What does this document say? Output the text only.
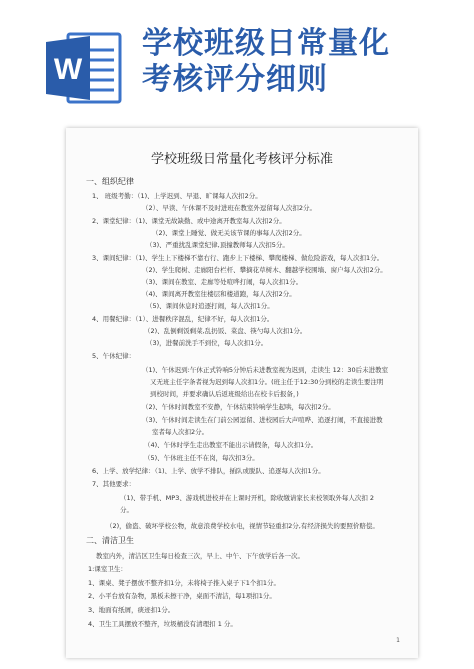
W
学校班级日常量化
考核评分细则
学校班级日常量化考核评分标准
一、组织纪律
1、 班级考勤：（1)、上学迟到、早退、旷课每人次扣2分。
（2）、早读、午休课不及时进班在教室外逗留每人次扣2分。
2、课堂纪律：（1)、课堂无故缺勤、或中途离开教室每人次扣2分。
（2)、课堂上睡觉、做无关该节课的事每人次扣2分。
（3)、严重扰乱课堂纪律,顶撞教师每人次扣5分。
3、课间纪律：（1)、学生上下楼梯不靠右行、跑步上下楼梯、攀爬楼梯、做危险游戏，每人次扣1分。
（2)、学生爬树、走廊阳台栏杆、攀摘花草树木、翻越学校围墙、窗户每人次扣2分。
（3)、课间在教室、走廊等处喧哗打闹，每人次扣1分。
（4)、课间离开教室往楼层和楼道跑，每人次扣2分。
（5)、课间休息时追逐打闹，每人次扣1分。
4、用餐纪律：（1）、进餐秩序混乱，纪律不好，每人次扣1分。
（2)、乱倒剩饭剩菜,乱扔饭、菜盘、筷勺每人次扣1分。
（3)，进餐前洗手不到位，每人次扣1分。
5、午休纪律：
（1)、午休迟到:午休正式铃响5分钟后未进教室视为迟到，走读生 12：30后未进教室
又无班主任字条者视为迟到每人次扣1分。(班主任于12:30分到校的走读生要注明
到校时间，并要求确认后返班级给出在校卡后报备，)
（2)、午休时间教室不安静，午休结束铃响学生起哄，每次扣2分。
（3)、午休时间走读生在门前公园逗留、进校园后大声喧哗、追逐打闹，不直接进教
室者每人次扣2分。
（4)、午休时学生走出教室不能出示请假条，每人次扣1分。
（5)、午休班主任不在岗，每次扣3分。
6、上学、放学纪律：（1)、上学、放学不排队，插队或脱队、追逐每人次扣1分。
7、其他要求：
（1)、带手机、MP3、游戏机进校并在上课时开机，除收缴请家长来校领取外每人次扣 2
分。
（2)，偷盗、破坏学校公物，故意浪费学校水电，视情节轻重扣2分,有经济损失的要照价赔偿。
二、清洁卫生
教室内外，清洁区卫生每日检查三次，早上、中午、下午放学后各一次。
1:课室卫生：
1、课桌、凳子摆放不整齐扣1分，未将椅子推入桌子下1个扣1分。
2、小平台放有杂物，黑板未擦干净，桌面不清洁，每1项扣1分。
3、地面有纸屑，痰迹扣1分。
4、卫生工具摆放不整齐，垃圾桶没有清理扣 1 分。
1
